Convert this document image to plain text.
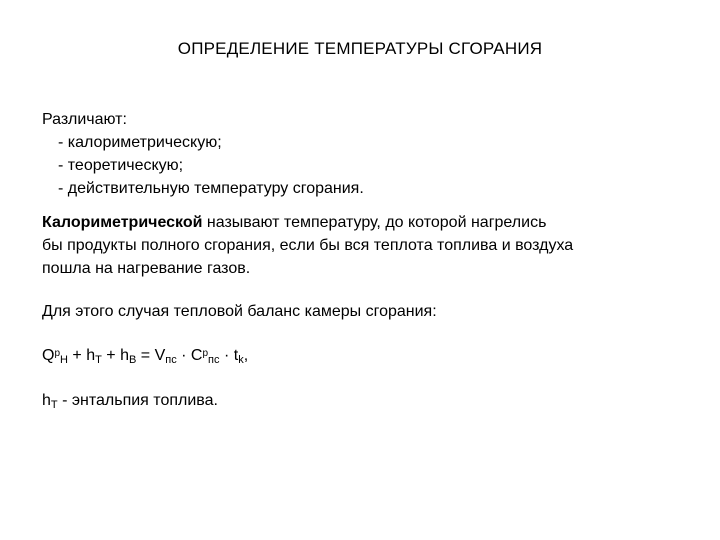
ОПРЕДЕЛЕНИЕ ТЕМПЕРАТУРЫ СГОРАНИЯ
Различают:
- калориметрическую;
- теоретическую;
- действительную температуру сгорания.
Калориметрической называют температуру, до которой нагрелись
бы продукты полного сгорания, если бы вся теплота топлива и воздуха
пошла на нагревание газов.
Для этого случая тепловой баланс камеры сгорания:
$Q^p_H + h_T + h_B = V_{пс} \cdot C^p_{пс} \cdot t_k$,
$h_T$ - энтальпия топлива.
